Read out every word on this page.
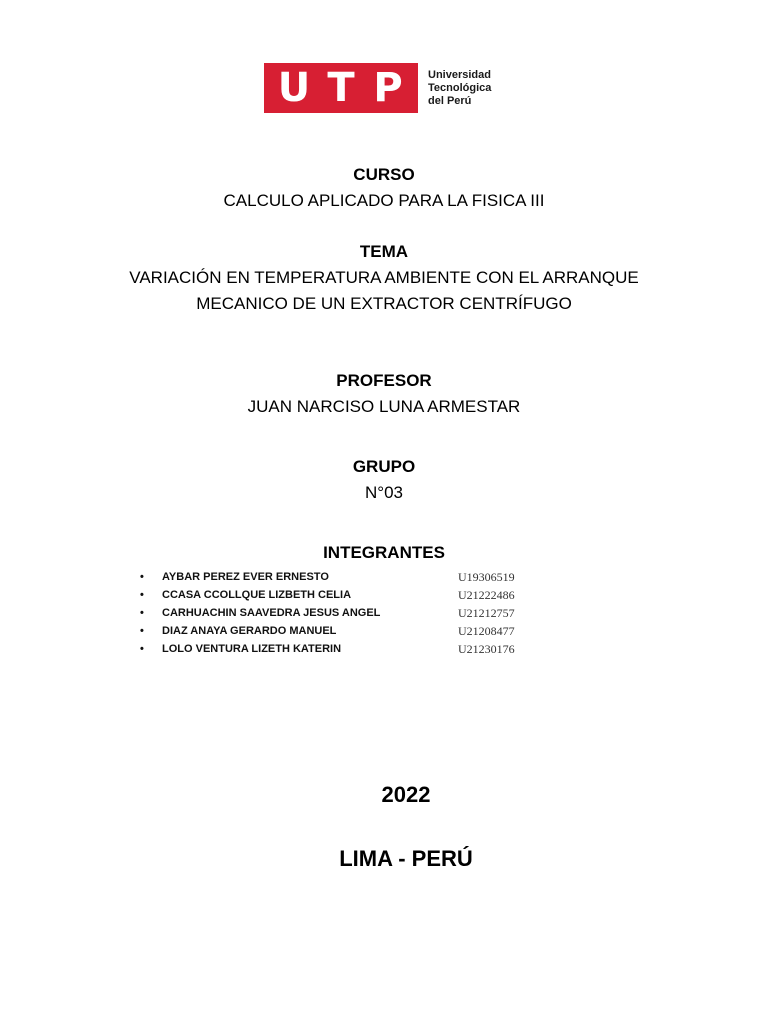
U T P	Universidad
Tecnológica
del Perú
CURSO
CALCULO APLICADO PARA LA FISICA III
TEMA
VARIACIÓN EN TEMPERATURA AMBIENTE CON EL ARRANQUE
MECANICO DE UN EXTRACTOR CENTRÍFUGO
PROFESOR
JUAN NARCISO LUNA ARMESTAR
GRUPO
N°03
INTEGRANTES
•	AYBAR PEREZ EVER ERNESTO	U19306519
•	CCASA CCOLLQUE LIZBETH CELIA	U21222486
•	CARHUACHIN SAAVEDRA JESUS ANGEL	U21212757
•	DIAZ ANAYA GERARDO MANUEL	U21208477
•	LOLO VENTURA LIZETH KATERIN	U21230176
2022
LIMA - PERÚ
